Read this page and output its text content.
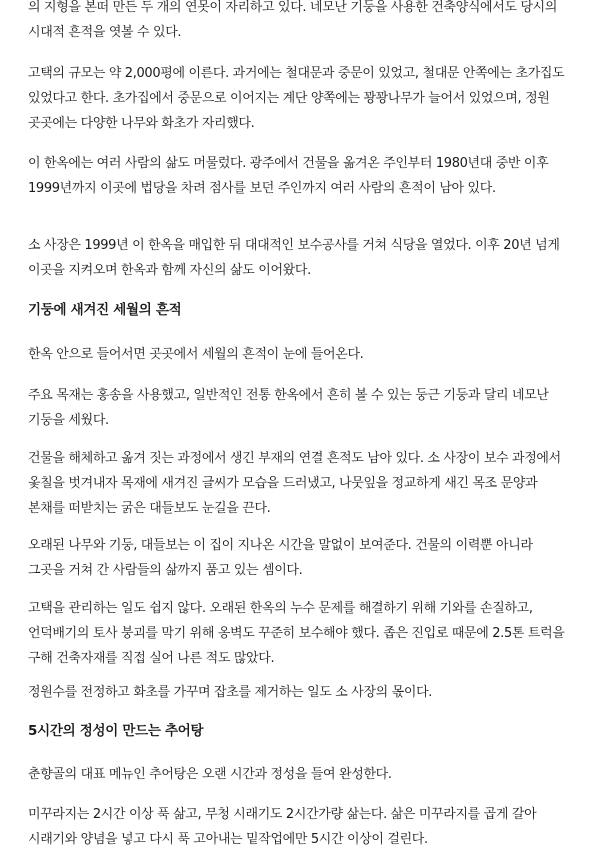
의 지형을 본떠 만든 두 개의 연못이 자리하고 있다. 네모난 기둥을 사용한 건축양식에서도 당시의 시대적 흔적을 엿볼 수 있다.

고택의 규모는 약 2,000평에 이른다. 과거에는 철대문과 중문이 있었고, 철대문 안쪽에는 초가집도 있었다고 한다. 초가집에서 중문으로 이어지는 계단 양쪽에는 꽝꽝나무가 늘어서 있었으며, 정원 곳곳에는 다양한 나무와 화초가 자리했다.

이 한옥에는 여러 사람의 삶도 머물렀다. 광주에서 건물을 옮겨온 주인부터 1980년대 중반 이후 1999년까지 이곳에 법당을 차려 점사를 보던 주인까지 여러 사람의 흔적이 남아 있다.

소 사장은 1999년 이 한옥을 매입한 뒤 대대적인 보수공사를 거쳐 식당을 열었다. 이후 20년 넘게 이곳을 지켜오며 한옥과 함께 자신의 삶도 이어왔다.

기둥에 새겨진 세월의 흔적

한옥 안으로 들어서면 곳곳에서 세월의 흔적이 눈에 들어온다.

주요 목재는 홍송을 사용했고, 일반적인 전통 한옥에서 흔히 볼 수 있는 둥근 기둥과 달리 네모난 기둥을 세웠다.

건물을 해체하고 옮겨 짓는 과정에서 생긴 부재의 연결 흔적도 남아 있다. 소 사장이 보수 과정에서 옻칠을 벗겨내자 목재에 새겨진 글씨가 모습을 드러냈고, 나뭇잎을 정교하게 새긴 목조 문양과 본채를 떠받치는 굵은 대들보도 눈길을 끈다.

오래된 나무와 기둥, 대들보는 이 집이 지나온 시간을 말없이 보여준다. 건물의 이력뿐 아니라 그곳을 거쳐 간 사람들의 삶까지 품고 있는 셈이다.

고택을 관리하는 일도 쉽지 않다. 오래된 한옥의 누수 문제를 해결하기 위해 기와를 손질하고, 언덕배기의 토사 붕괴를 막기 위해 옹벽도 꾸준히 보수해야 했다. 좁은 진입로 때문에 2.5톤 트럭을 구해 건축자재를 직접 실어 나른 적도 많았다.

정원수를 전정하고 화초를 가꾸며 잡초를 제거하는 일도 소 사장의 몫이다.

5시간의 정성이 만드는 추어탕

춘향골의 대표 메뉴인 추어탕은 오랜 시간과 정성을 들여 완성한다.

미꾸라지는 2시간 이상 푹 삶고, 무청 시래기도 2시간가량 삶는다. 삶은 미꾸라지를 곱게 갈아 시래기와 양념을 넣고 다시 푹 고아내는 밑작업에만 5시간 이상이 걸린다.
